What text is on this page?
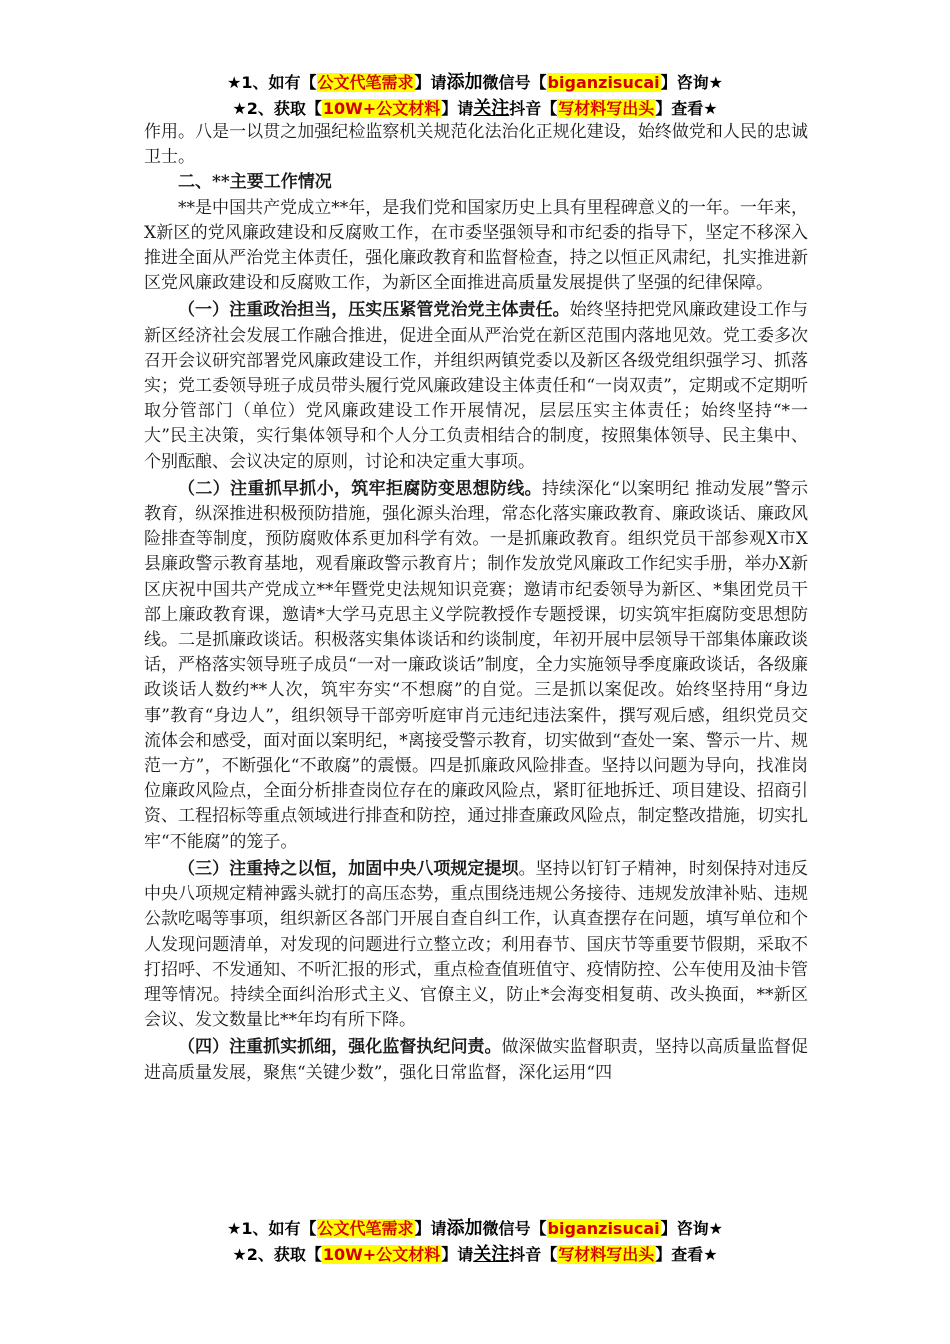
★1、如有【公文代笔需求】请添加微信号【biganzisucai】咨询★
★2、获取【10W+公文材料】请关注抖音【写材料写出头】查看★

作用。八是一以贯之加强纪检监察机关规范化法治化正规化建设，始终做党和人民的忠诚卫士。

二、**主要工作情况

**是中国共产党成立**年，是我们党和国家历史上具有里程碑意义的一年。一年来，X新区的党风廉政建设和反腐败工作，在市委坚强领导和市纪委的指导下，坚定不移深入推进全面从严治党主体责任，强化廉政教育和监督检查，持之以恒正风肃纪，扎实推进新区党风廉政建设和反腐败工作，为新区全面推进高质量发展提供了坚强的纪律保障。

（一）注重政治担当，压实压紧管党治党主体责任。始终坚持把党风廉政建设工作与新区经济社会发展工作融合推进，促进全面从严治党在新区范围内落地见效。党工委多次召开会议研究部署党风廉政建设工作，并组织两镇党委以及新区各级党组织强学习、抓落实；党工委领导班子成员带头履行党风廉政建设主体责任和“一岗双责”，定期或不定期听取分管部门（单位）党风廉政建设工作开展情况，层层压实主体责任；始终坚持“*一大”民主决策，实行集体领导和个人分工负责相结合的制度，按照集体领导、民主集中、个别酝酿、会议决定的原则，讨论和决定重大事项。

（二）注重抓早抓小，筑牢拒腐防变思想防线。持续深化“以案明纪 推动发展”警示教育，纵深推进积极预防措施，强化源头治理，常态化落实廉政教育、廉政谈话、廉政风险排查等制度，预防腐败体系更加科学有效。一是抓廉政教育。组织党员干部参观X市X县廉政警示教育基地，观看廉政警示教育片；制作发放党风廉政工作纪实手册，举办X新区庆祝中国共产党成立**年暨党史法规知识竞赛；邀请市纪委领导为新区、*集团党员干部上廉政教育课，邀请*大学马克思主义学院教授作专题授课，切实筑牢拒腐防变思想防线。二是抓廉政谈话。积极落实集体谈话和约谈制度，年初开展中层领导干部集体廉政谈话，严格落实领导班子成员“一对一廉政谈话”制度，全力实施领导季度廉政谈话，各级廉政谈话人数约**人次，筑牢夯实“不想腐”的自觉。三是抓以案促改。始终坚持用“身边事”教育“身边人”，组织领导干部旁听庭审肖元违纪违法案件，撰写观后感，组织党员交流体会和感受，面对面以案明纪，*离接受警示教育，切实做到“查处一案、警示一片、规范一方”，不断强化“不敢腐”的震慑。四是抓廉政风险排查。坚持以问题为导向，找准岗位廉政风险点，全面分析排查岗位存在的廉政风险点，紧盯征地拆迁、项目建设、招商引资、工程招标等重点领域进行排查和防控，通过排查廉政风险点，制定整改措施，切实扎牢“不能腐”的笼子。

（三）注重持之以恒，加固中央八项规定提坝。坚持以钉钉子精神，时刻保持对违反中央八项规定精神露头就打的高压态势，重点围绕违规公务接待、违规发放津补贴、违规公款吃喝等事项，组织新区各部门开展自查自纠工作，认真查摆存在问题，填写单位和个人发现问题清单，对发现的问题进行立整立改；利用春节、国庆节等重要节假期，采取不打招呼、不发通知、不听汇报的形式，重点检查值班值守、疫情防控、公车使用及油卡管理等情况。持续全面纠治形式主义、官僚主义，防止*会海变相复萌、改头换面，**新区会议、发文数量比**年均有所下降。

（四）注重抓实抓细，强化监督执纪问责。做深做实监督职责，坚持以高质量监督促进高质量发展，聚焦“关键少数”，强化日常监督，深化运用“四

★1、如有【公文代笔需求】请添加微信号【biganzisucai】咨询★
★2、获取【10W+公文材料】请关注抖音【写材料写出头】查看★
